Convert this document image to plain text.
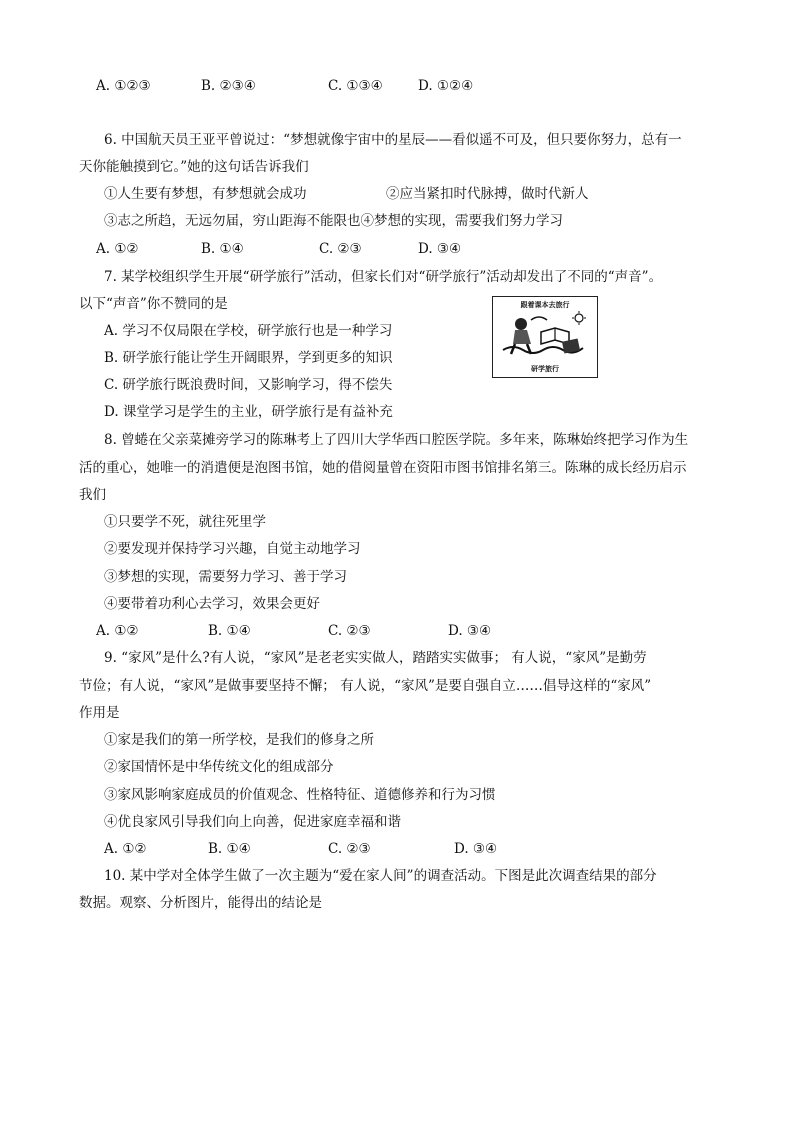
A. ①②③	B. ②③④	C. ①③④	D. ①②④
6. 中国航天员王亚平曾说过：“梦想就像宇宙中的星辰——看似遥不可及，但只要你努力，总有一
天你能触摸到它。”她的这句话告诉我们
①人生要有梦想，有梦想就会成功	②应当紧扣时代脉搏，做时代新人
③志之所趋，无远勿届，穷山距海不能限也④梦想的实现，需要我们努力学习
A. ①②	B. ①④	C. ②③	D. ③④
7. 某学校组织学生开展“研学旅行”活动，但家长们对“研学旅行”活动却发出了不同的“声音”。
以下“声音”你不赞同的是
A. 学习不仅局限在学校，研学旅行也是一种学习
B. 研学旅行能让学生开阔眼界，学到更多的知识
C. 研学旅行既浪费时间，又影响学习，得不偿失
D. 课堂学习是学生的主业，研学旅行是有益补充
跟着课本去旅行
研学旅行
8. 曾蜷在父亲菜摊旁学习的陈琳考上了四川大学华西口腔医学院。多年来，陈琳始终把学习作为生
活的重心，她唯一的消遣便是泡图书馆，她的借阅量曾在资阳市图书馆排名第三。陈琳的成长经历启示
我们
①只要学不死，就往死里学
②要发现并保持学习兴趣，自觉主动地学习
③梦想的实现，需要努力学习、善于学习
④要带着功利心去学习，效果会更好
A. ①②	B. ①④	C. ②③	D. ③④
9. “家风”是什么?有人说，“家风”是老老实实做人，踏踏实实做事； 有人说，“家风”是勤劳
节俭；有人说，“家风”是做事要坚持不懈； 有人说，“家风”是要自强自立……倡导这样的“家风”
作用是
①家是我们的第一所学校，是我们的修身之所
②家国情怀是中华传统文化的组成部分
③家风影响家庭成员的价值观念、性格特征、道德修养和行为习惯
④优良家风引导我们向上向善，促进家庭幸福和谐
A. ①②	B. ①④	C. ②③	D. ③④
10. 某中学对全体学生做了一次主题为“爱在家人间”的调查活动。下图是此次调查结果的部分
数据。观察、分析图片，能得出的结论是
